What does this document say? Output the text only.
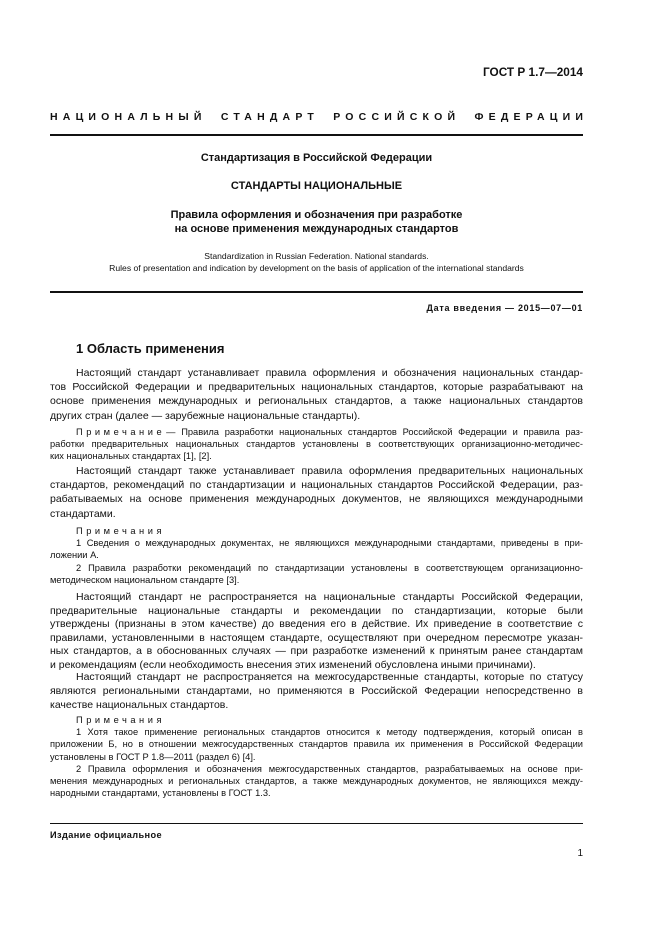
ГОСТ Р 1.7—2014
НАЦИОНАЛЬНЫЙ СТАНДАРТ РОССИЙСКОЙ ФЕДЕРАЦИИ
Стандартизация в Российской Федерации
СТАНДАРТЫ НАЦИОНАЛЬНЫЕ
Правила оформления и обозначения при разработке
на основе применения международных стандартов
Standardization in Russian Federation. National standards.
Rules of presentation and indication by development on the basis of application of the international standards
Дата введения — 2015—07—01
1 Область применения
Настоящий стандарт устанавливает правила оформления и обозначения национальных стандар-
тов Российской Федерации и предварительных национальных стандартов, которые разрабатывают на
основе применения международных и региональных стандартов, а также национальных стандартов
других стран (далее — зарубежные национальные стандарты).
Примечание— Правила разработки национальных стандартов Российской Федерации и правила раз-
работки предварительных национальных стандартов установлены в соответствующих организационно-методичес-
ких национальных стандартах [1], [2].
Настоящий стандарт также устанавливает правила оформления предварительных национальных
стандартов, рекомендаций по стандартизации и национальных стандартов Российской Федерации, раз-
рабатываемых на основе применения международных документов, не являющихся международными
стандартами.
Примечания
1 Сведения о международных документах, не являющихся международными стандартами, приведены в при-
ложении А.
2 Правила разработки рекомендаций по стандартизации установлены в соответствующем организационно-
методическом национальном стандарте [3].
Настоящий стандарт не распространяется на национальные стандарты Российской Федерации,
предварительные национальные стандарты и рекомендации по стандартизации, которые были
утверждены (признаны в этом качестве) до введения его в действие. Их приведение в соответствие с
правилами, установленными в настоящем стандарте, осуществляют при очередном пересмотре указан-
ных стандартов, а в обоснованных случаях — при разработке изменений к принятым ранее стандартам
и рекомендациям (если необходимость внесения этих изменений обусловлена иными причинами).
Настоящий стандарт не распространяется на межгосударственные стандарты, которые по статусу
являются региональными стандартами, но применяются в Российской Федерации непосредственно в
качестве национальных стандартов.
Примечания
1 Хотя такое применение региональных стандартов относится к методу подтверждения, который описан в
приложении Б, но в отношении межгосударственных стандартов правила их применения в Российской Федерации
установлены в ГОСТ Р 1.8—2011 (раздел 6) [4].
2 Правила оформления и обозначения межгосударственных стандартов, разрабатываемых на основе при-
менения международных и региональных стандартов, а также международных документов, не являющихся между-
народными стандартами, установлены в ГОСТ 1.3.
Издание официальное
1
